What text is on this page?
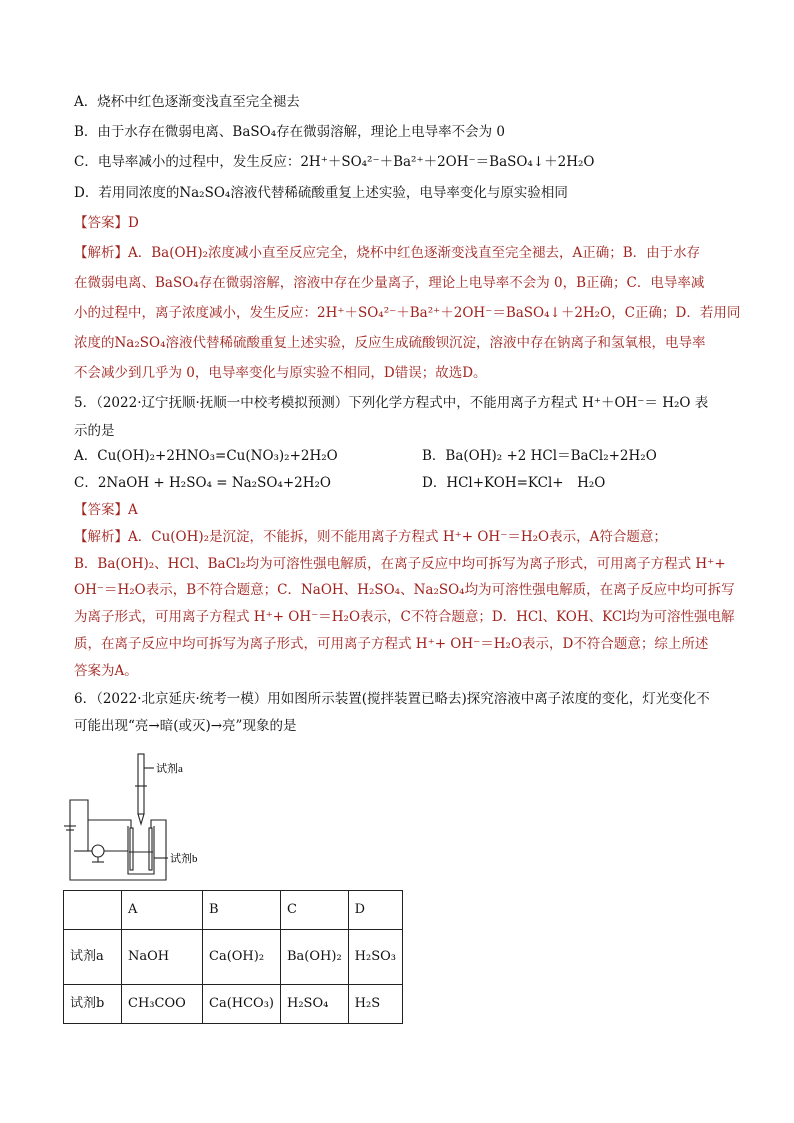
A．烧杯中红色逐渐变浅直至完全褪去
B．由于水存在微弱电离、BaSO₄存在微弱溶解，理论上电导率不会为 0
C．电导率减小的过程中，发生反应：2H⁺＋SO₄²⁻＋Ba²⁺＋2OH⁻＝BaSO₄↓＋2H₂O
D．若用同浓度的Na₂SO₄溶液代替稀硫酸重复上述实验，电导率变化与原实验相同
【答案】D
【解析】A．Ba(OH)₂浓度减小直至反应完全，烧杯中红色逐渐变浅直至完全褪去，A正确；B．由于水存
在微弱电离、BaSO₄存在微弱溶解，溶液中存在少量离子，理论上电导率不会为 0，B正确；C．电导率减
小的过程中，离子浓度减小，发生反应：2H⁺＋SO₄²⁻＋Ba²⁺＋2OH⁻＝BaSO₄↓＋2H₂O，C正确；D．若用同
浓度的Na₂SO₄溶液代替稀硫酸重复上述实验，反应生成硫酸钡沉淀，溶液中存在钠离子和氢氧根，电导率
不会减少到几乎为 0，电导率变化与原实验不相同，D错误；故选D。
5．（2022·辽宁抚顺·抚顺一中校考模拟预测）下列化学方程式中，不能用离子方程式 H⁺＋OH⁻＝ H₂O 表
示的是
A．Cu(OH)₂+2HNO₃=Cu(NO₃)₂+2H₂O	B．Ba(OH)₂ +2 HCl＝BaCl₂+2H₂O
C．2NaOH + H₂SO₄ = Na₂SO₄+2H₂O	D．HCl+KOH=KCl+　H₂O
【答案】A
【解析】A．Cu(OH)₂是沉淀，不能拆，则不能用离子方程式 H⁺+ OH⁻＝H₂O表示，A符合题意；
B．Ba(OH)₂、HCl、BaCl₂均为可溶性强电解质，在离子反应中均可拆写为离子形式，可用离子方程式 H⁺+
OH⁻＝H₂O表示，B不符合题意；C．NaOH、H₂SO₄、Na₂SO₄均为可溶性强电解质，在离子反应中均可拆写
为离子形式，可用离子方程式 H⁺+ OH⁻＝H₂O表示，C不符合题意；D．HCl、KOH、KCl均为可溶性强电解
质，在离子反应中均可拆写为离子形式，可用离子方程式 H⁺+ OH⁻＝H₂O表示，D不符合题意；综上所述
答案为A。
6．（2022·北京延庆·统考一模）用如图所示装置(搅拌装置已略去)探究溶液中离子浓度的变化，灯光变化不
可能出现“亮→暗(或灭)→亮”现象的是
试剂a
试剂b
	A	B	C	D
试剂a	NaOH	Ca(OH)₂	Ba(OH)₂	H₂SO₃
试剂b	CH₃COO	Ca(HCO₃)	H₂SO₄	H₂S
